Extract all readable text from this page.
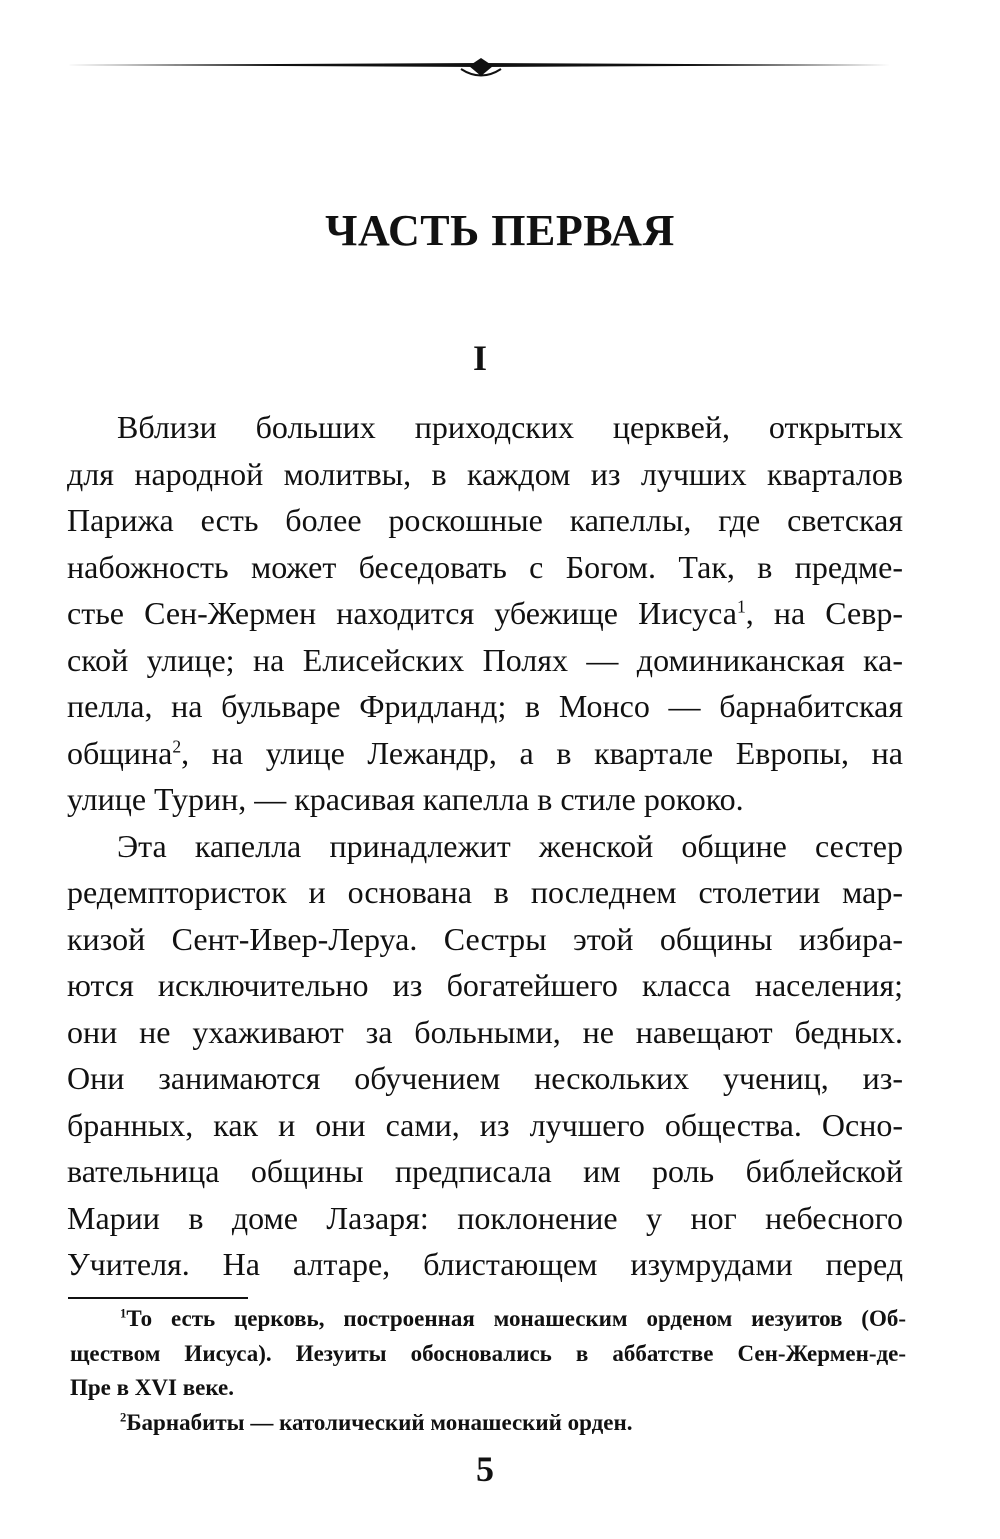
ЧАСТЬ ПЕРВАЯ
I
Вблизи больших приходских церквей, открытых
для народной молитвы, в каждом из лучших кварталов
Парижа есть более роскошные капеллы, где светская
набожность может беседовать с Богом. Так, в предме-
стье Сен-Жермен находится убежище Иисуса$^1$, на Севр-
ской улице; на Елисейских Полях — доминиканская ка-
пелла, на бульваре Фридланд; в Монсо — барнабитская
община$^2$, на улице Лежандр, а в квартале Европы, на
улице Турин, — красивая капелла в стиле рококо.
Эта капелла принадлежит женской общине сестер
редемптористок и основана в последнем столетии мар-
кизой Сент-Ивер-Леруа. Сестры этой общины избира-
ются исключительно из богатейшего класса населения;
они не ухаживают за больными, не навещают бедных.
Они занимаются обучением нескольких учениц, из-
бранных, как и они сами, из лучшего общества. Осно-
вательница общины предписала им роль библейской
Марии в доме Лазаря: поклонение у ног небесного
Учителя. На алтаре, блистающем изумрудами перед
$^1$То есть церковь, построенная монашеским орденом иезуитов (Об-
ществом Иисуса). Иезуиты обосновались в аббатстве Сен-Жермен-де-
Пре в XVI веке.
$^2$Барнабиты — католический монашеский орден.
5
